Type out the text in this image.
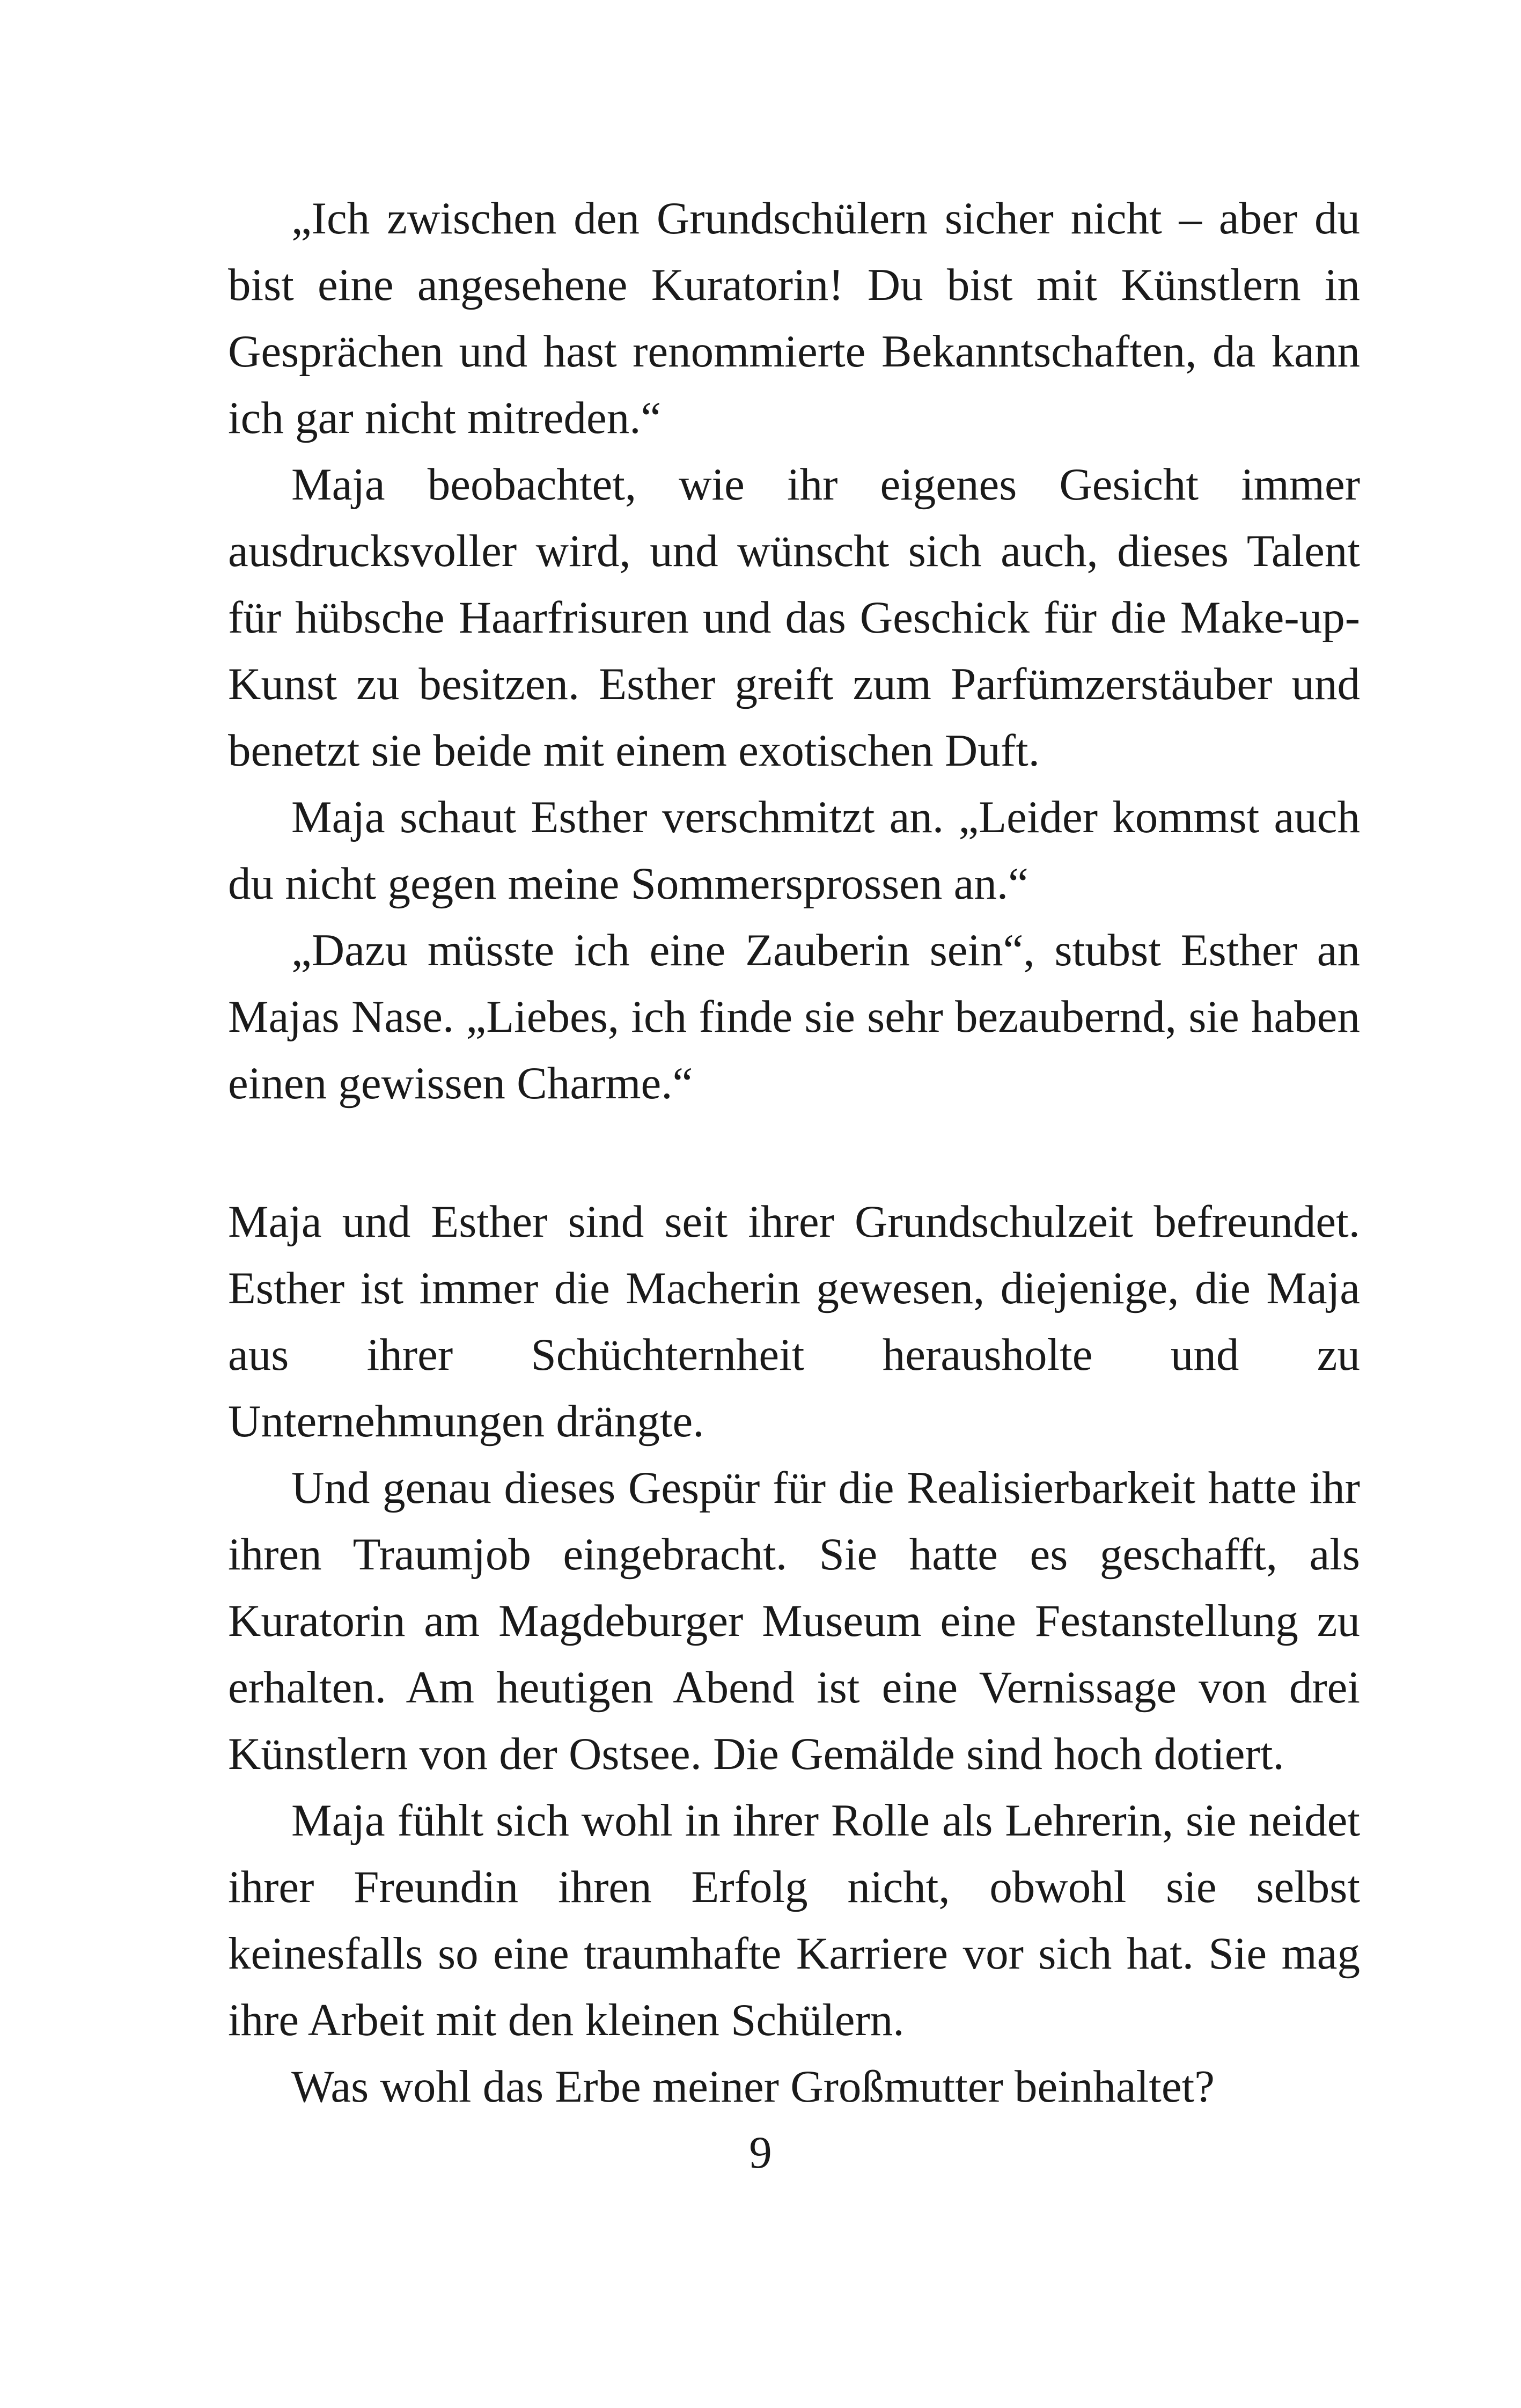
„Ich zwischen den Grundschülern sicher nicht – aber du bist eine angesehene Kuratorin! Du bist mit Künstlern in Gesprächen und hast renommierte Bekanntschaften, da kann ich gar nicht mitreden.“

Maja beobachtet, wie ihr eigenes Gesicht immer ausdrucksvoller wird, und wünscht sich auch, dieses Talent für hübsche Haarfrisuren und das Geschick für die Make-up-Kunst zu besitzen. Esther greift zum Parfümzerstäuber und benetzt sie beide mit einem exotischen Duft.

Maja schaut Esther verschmitzt an. „Leider kommst auch du nicht gegen meine Sommersprossen an.“

„Dazu müsste ich eine Zauberin sein“, stubst Esther an Majas Nase. „Liebes, ich finde sie sehr bezaubernd, sie haben einen gewissen Charme.“

Maja und Esther sind seit ihrer Grundschulzeit befreundet. Esther ist immer die Macherin gewesen, diejenige, die Maja aus ihrer Schüchternheit herausholte und zu

Unternehmungen drängte.

Und genau dieses Gespür für die Realisierbarkeit hatte ihr ihren Traumjob eingebracht. Sie hatte es geschafft, als Kuratorin am Magdeburger Museum eine Festanstellung zu erhalten. Am heutigen Abend ist eine Vernissage von drei Künstlern von der Ostsee. Die Gemälde sind hoch dotiert.

Maja fühlt sich wohl in ihrer Rolle als Lehrerin, sie neidet ihrer Freundin ihren Erfolg nicht, obwohl sie selbst keinesfalls so eine traumhafte Karriere vor sich hat. Sie mag ihre Arbeit mit den kleinen Schülern.

Was wohl das Erbe meiner Großmutter beinhaltet?

9
